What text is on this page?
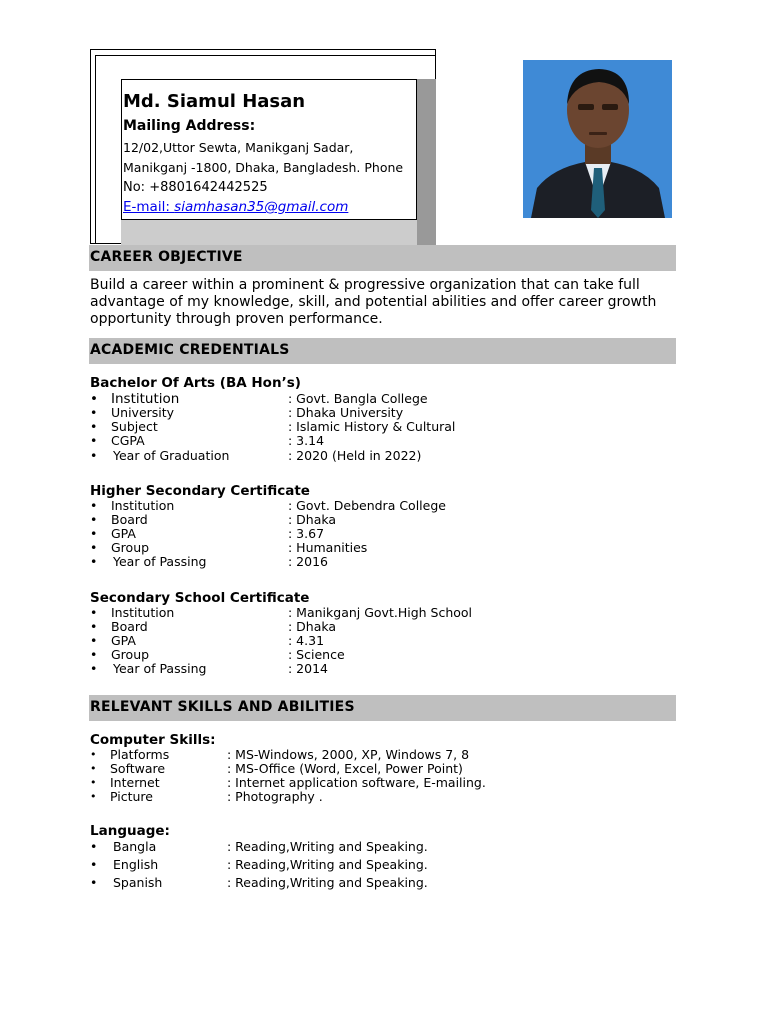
Md. Siamul Hasan
Mailing Address:
12/02,Uttor Sewta, Manikganj Sadar,
Manikganj -1800, Dhaka, Bangladesh. Phone
No: +8801642442525
E-mail: siamhasan35@gmail.com
CAREER OBJECTIVE
Build a career within a prominent & progressive organization that can take full advantage of my knowledge, skill, and potential abilities and offer career growth opportunity through proven performance.
ACADEMIC CREDENTIALS
Bachelor Of Arts (BA Hon’s)
• Institution	: Govt. Bangla College
• University	: Dhaka University
• Subject	: Islamic History & Cultural
• CGPA	: 3.14
• Year of Graduation	: 2020 (Held in 2022)
Higher Secondary Certificate
• Institution	: Govt. Debendra College
• Board	: Dhaka
• GPA	: 3.67
• Group	: Humanities
• Year of Passing	: 2016
Secondary School Certificate
• Institution	: Manikganj Govt.High School
• Board	: Dhaka
• GPA	: 4.31
• Group	: Science
• Year of Passing	: 2014
RELEVANT SKILLS AND ABILITIES
Computer Skills:
• Platforms	: MS-Windows, 2000, XP, Windows 7, 8
• Software	: MS-Office (Word, Excel, Power Point)
• Internet	: Internet application software, E-mailing.
• Picture	: Photography .
Language:
• Bangla	: Reading,Writing and Speaking.
• English	: Reading,Writing and Speaking.
• Spanish	: Reading,Writing and Speaking.
